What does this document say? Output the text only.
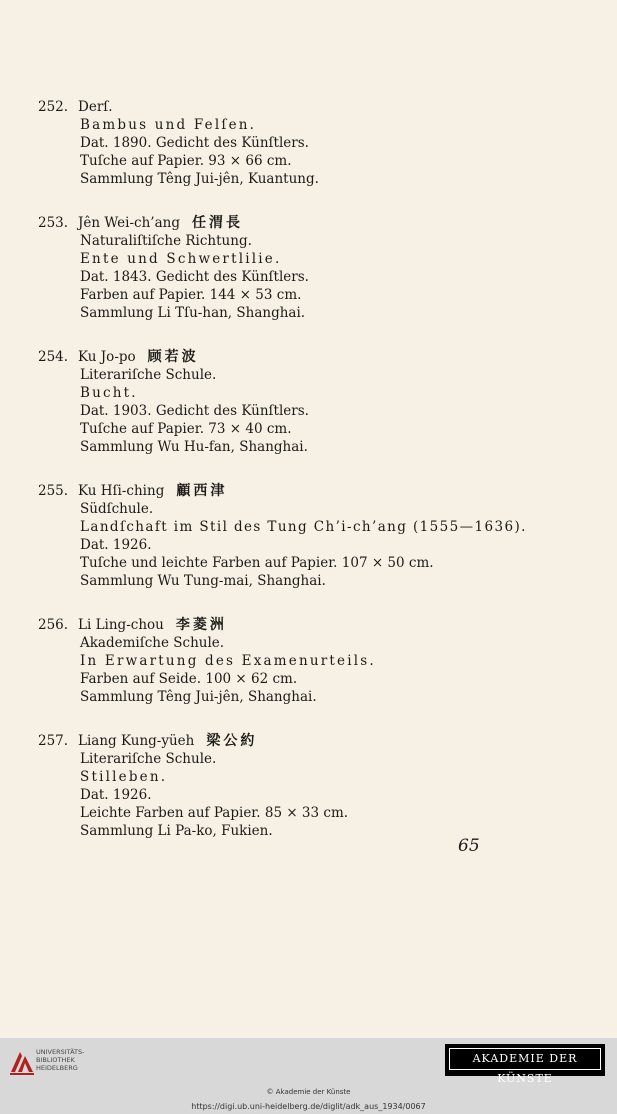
252. Derſ.
Bambus und Felſen.
Dat. 1890. Gedicht des Künſtlers.
Tuſche auf Papier. 93 × 66 cm.
Sammlung Têng Jui-jên, Kuantung.
253. Jên Wei-ch’ang 任渭長
Naturaliſtiſche Richtung.
Ente und Schwertlilie.
Dat. 1843. Gedicht des Künſtlers.
Farben auf Papier. 144 × 53 cm.
Sammlung Li Tſu-han, Shanghai.
254. Ku Jo-po 顾若波
Literariſche Schule.
Bucht.
Dat. 1903. Gedicht des Künſtlers.
Tuſche auf Papier. 73 × 40 cm.
Sammlung Wu Hu-fan, Shanghai.
255. Ku Hſi-ching 顧西津
Südſchule.
Landſchaft im Stil des Tung Ch’i-ch’ang (1555—1636).
Dat. 1926.
Tuſche und leichte Farben auf Papier. 107 × 50 cm.
Sammlung Wu Tung-mai, Shanghai.
256. Li Ling-chou 李菱洲
Akademiſche Schule.
In Erwartung des Examenurteils.
Farben auf Seide. 100 × 62 cm.
Sammlung Têng Jui-jên, Shanghai.
257. Liang Kung-yüeh 梁公約
Literariſche Schule.
Stilleben.
Dat. 1926.
Leichte Farben auf Papier. 85 × 33 cm.
Sammlung Li Pa-ko, Fukien.
65
UNIVERSITÄTS-
BIBLIOTHEK
HEIDELBERG
AKADEMIE DER KÜNSTE
© Akademie der Künste
https://digi.ub.uni-heidelberg.de/diglit/adk_aus_1934/0067
